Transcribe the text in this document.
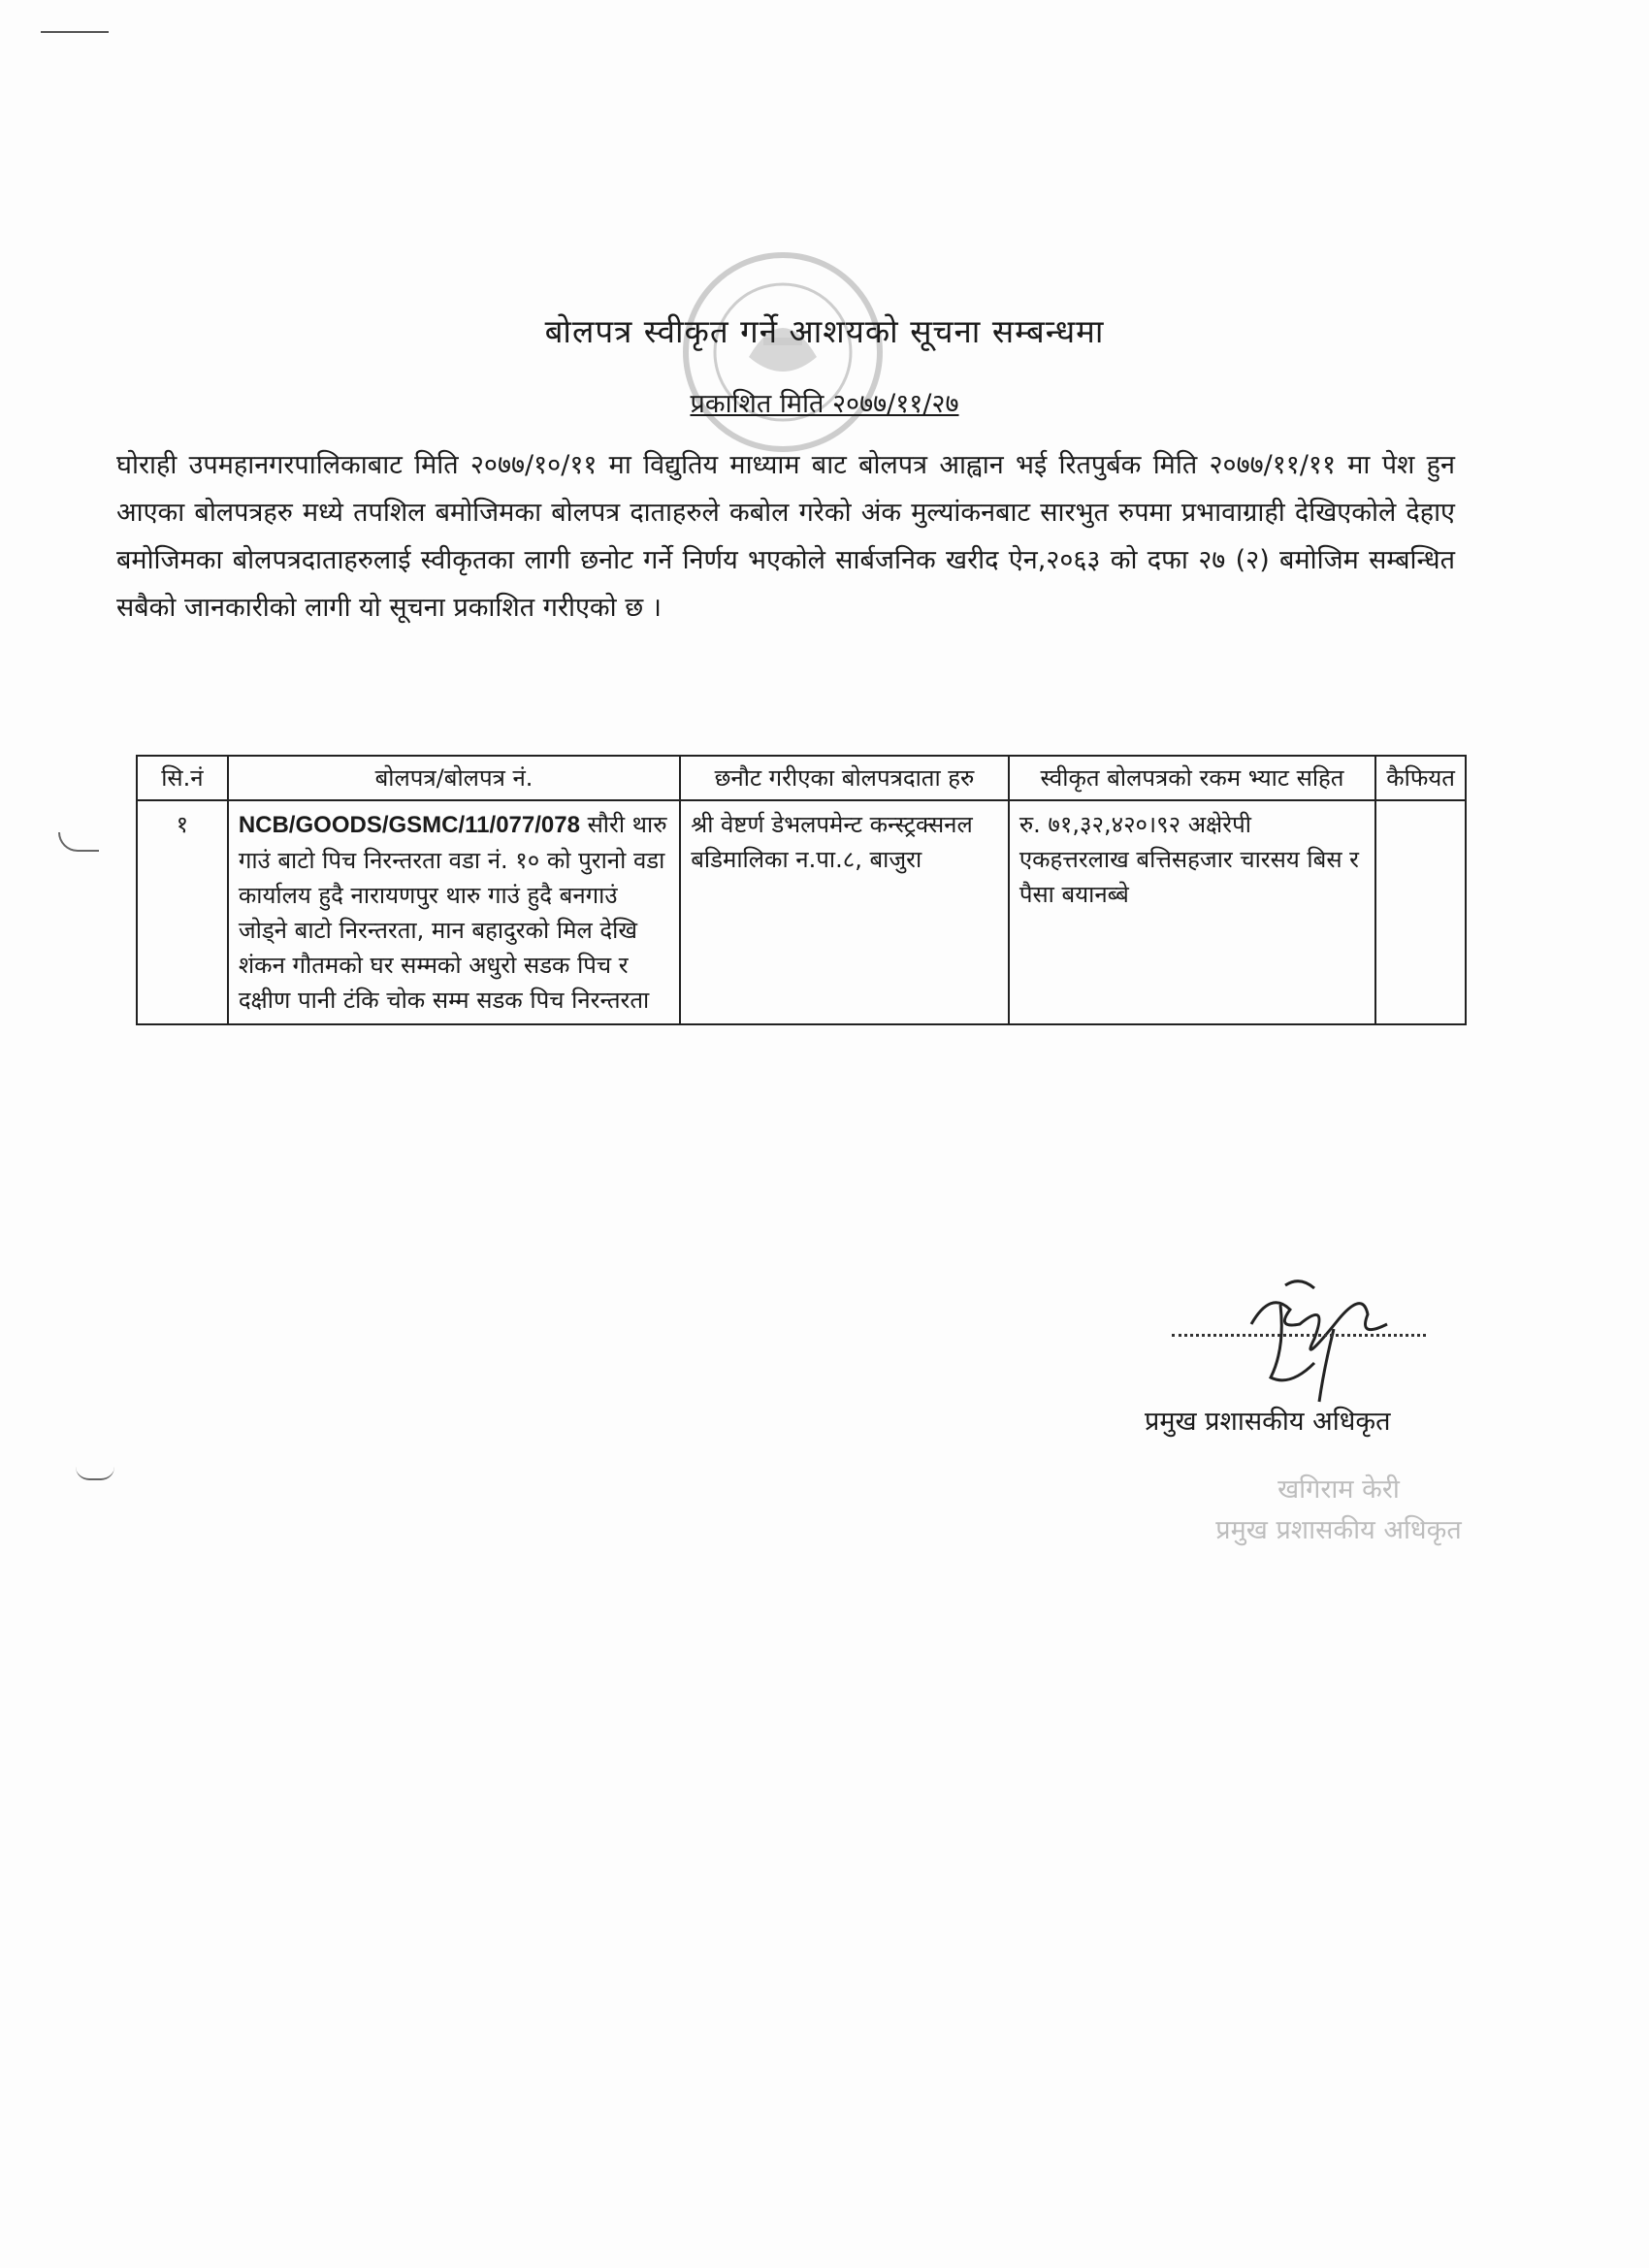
बोलपत्र स्वीकृत गर्ने आशयको सूचना सम्बन्धमा
प्रकाशित मिति २०७७/११/२७
घोराही उपमहानगरपालिकाबाट मिति २०७७/१०/११ मा विद्युतिय माध्याम बाट बोलपत्र आह्वान भई रितपुर्बक मिति २०७७/११/११ मा पेश हुन आएका बोलपत्रहरु मध्ये तपशिल बमोजिमका बोलपत्र दाताहरुले कबोल गरेको अंक मुल्यांकनबाट सारभुत रुपमा प्रभावाग्राही देखिएकोले देहाए बमोजिमका बोलपत्रदाताहरुलाई स्वीकृतका लागी छनोट गर्ने निर्णय भएकोले सार्बजनिक खरीद ऐन,२०६३ को दफा २७ (२) बमोजिम सम्बन्धित सबैको जानकारीको लागी यो सूचना प्रकाशित गरीएको छ ।
सि.नं	बोलपत्र/बोलपत्र नं.	छनौट गरीएका बोलपत्रदाता हरु	स्वीकृत बोलपत्रको रकम भ्याट सहित	कैफियत
१	NCB/GOODS/GSMC/11/077/078 सौरी थारु गाउं बाटो पिच निरन्तरता वडा नं. १० को पुरानो वडा कार्यालय हुदै नारायणपुर थारु गाउं हुदै बनगाउं जोड्ने बाटो निरन्तरता, मान बहादुरको मिल देखि शंकन गौतमको घर सम्मको अधुरो सडक पिच र दक्षीण पानी टंकि चोक सम्म सडक पिच निरन्तरता	श्री वेष्टर्ण डेभलपमेन्ट कन्स्ट्रक्सनल बडिमालिका न.पा.८, बाजुरा	रु. ७१,३२,४२०।९२ अक्षेरेपी एकहत्तरलाख बत्तिसहजार चारसय बिस र पैसा बयानब्बे	
प्रमुख प्रशासकीय अधिकृत
खगिराम केरी
प्रमुख प्रशासकीय अधिकृत
